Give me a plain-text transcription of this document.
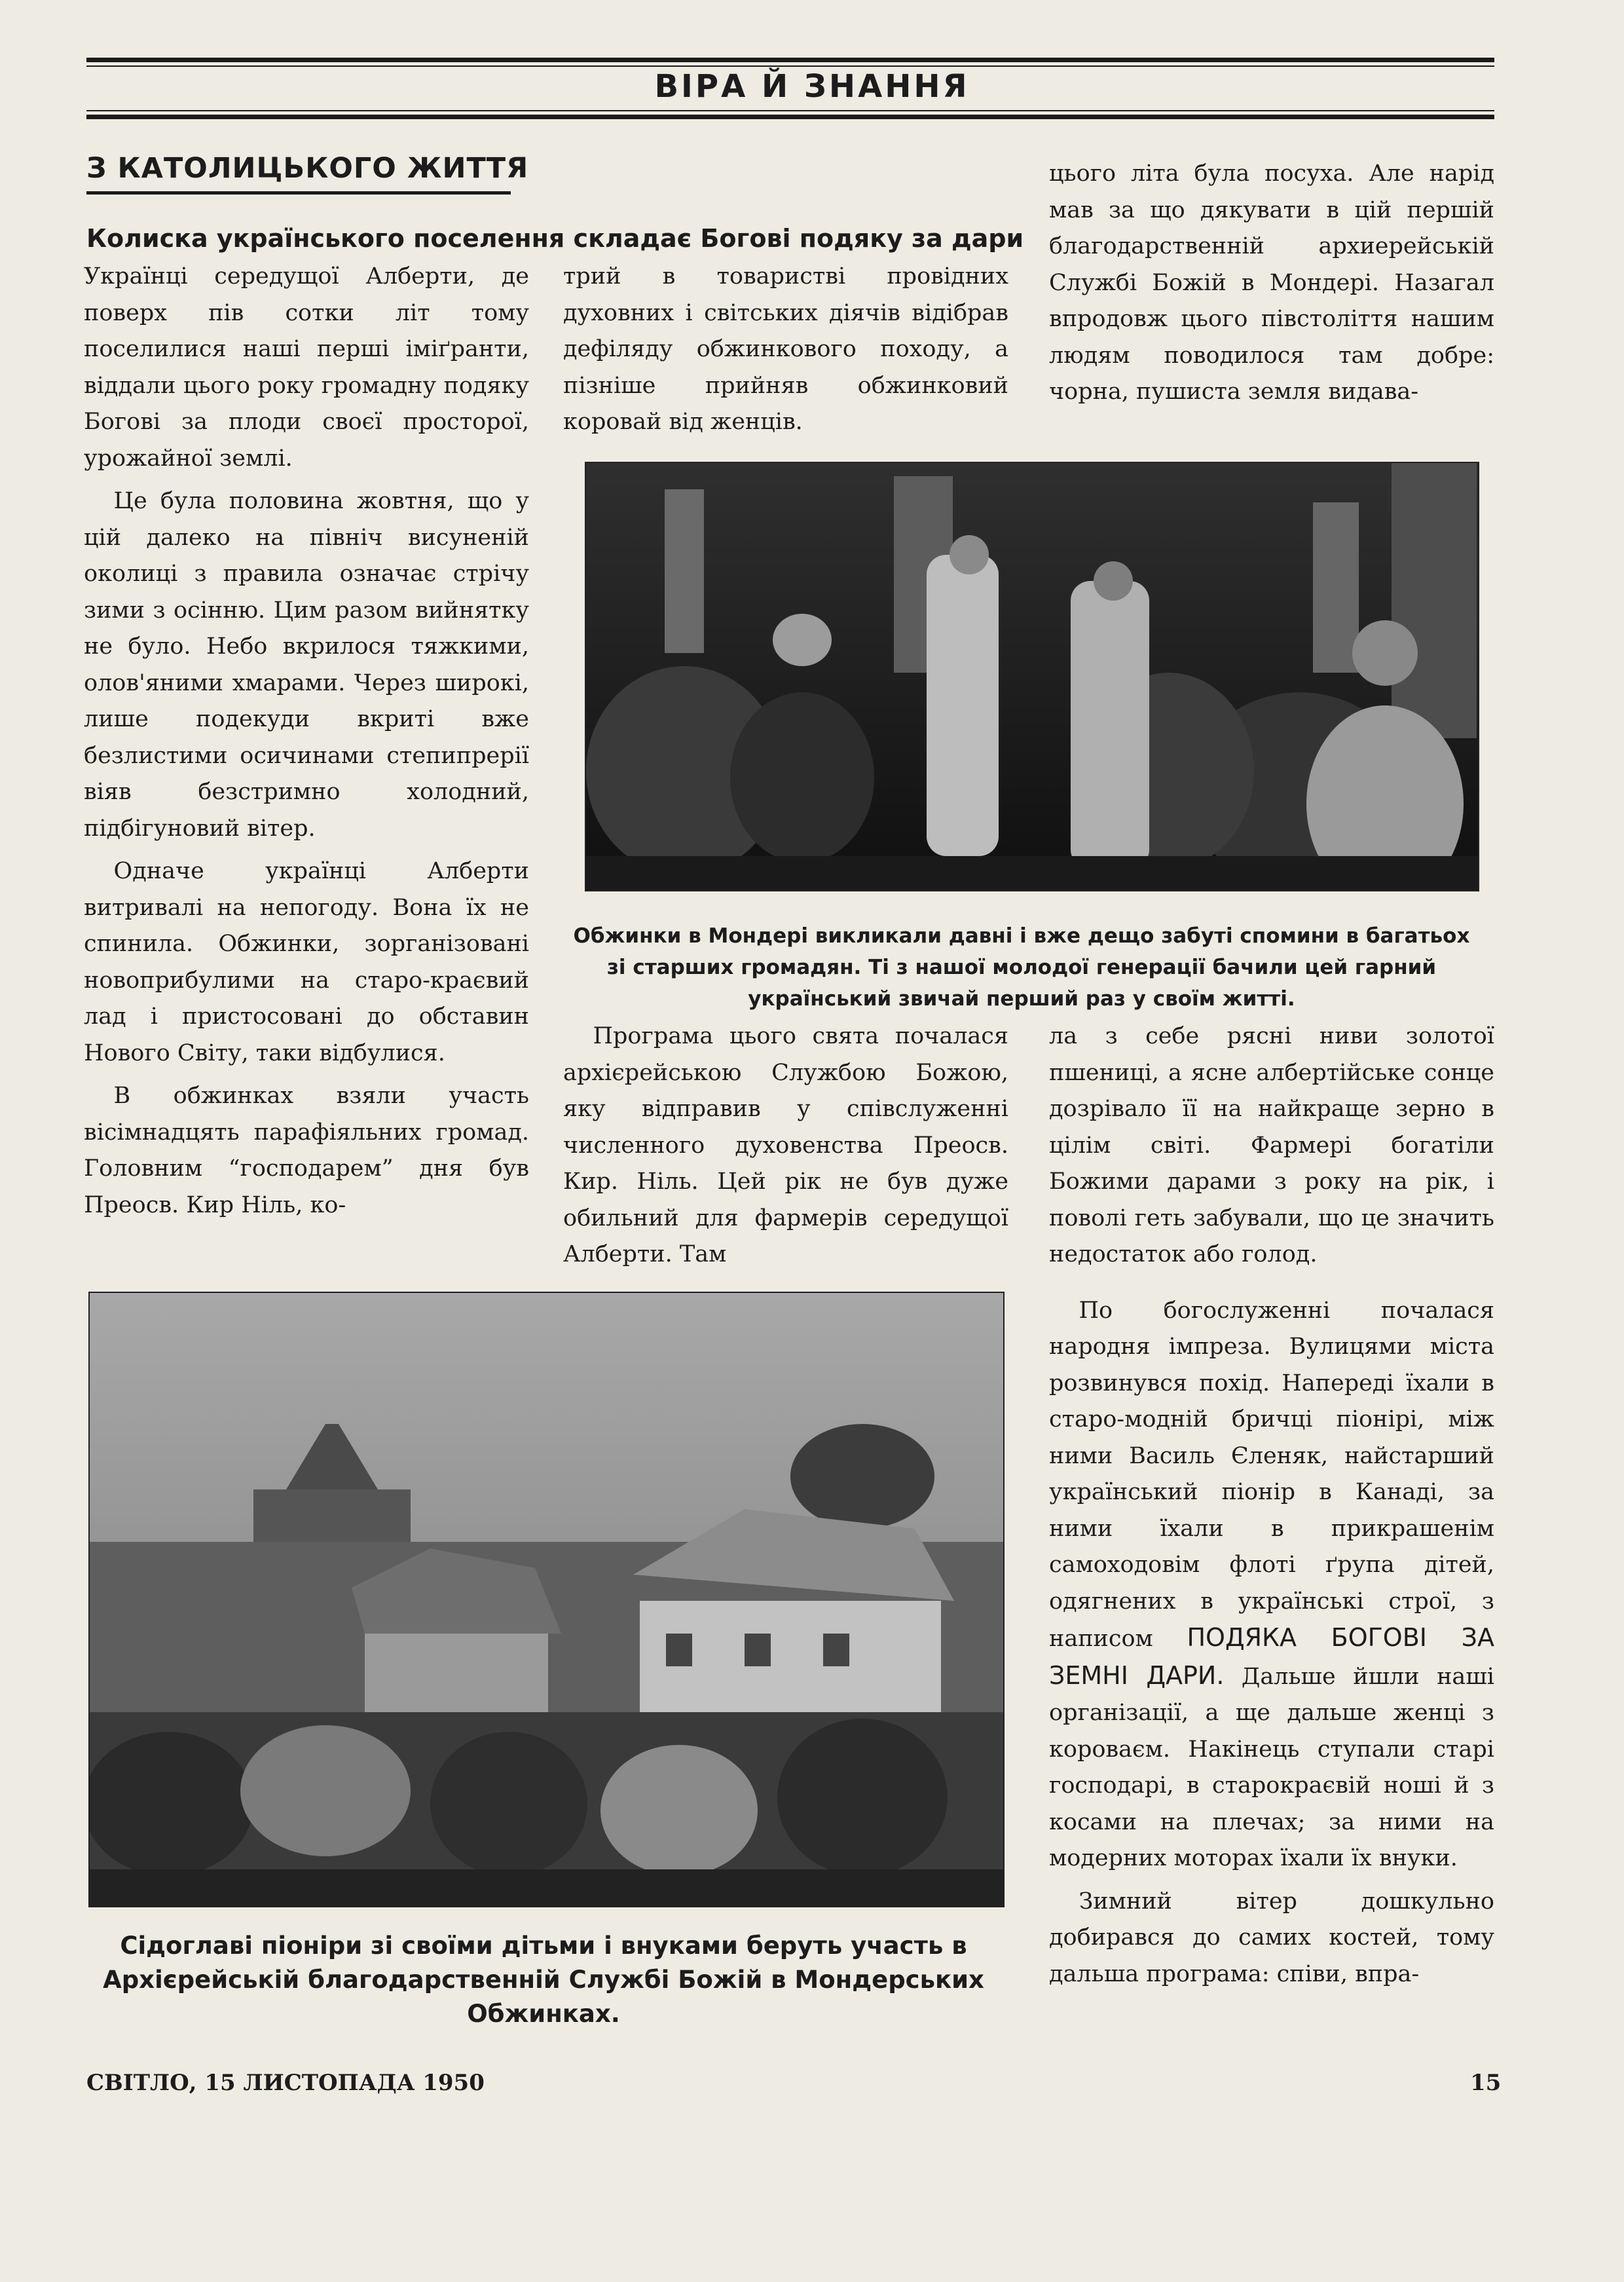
ВІРА Й ЗНАННЯ
З КАТОЛИЦЬКОГО ЖИТТЯ
Колиска українського поселення складає Богові подяку за дари

Українці середущої Алберти, де поверх пів сотки літ тому поселилися наші перші іміґранти, віддали цього року громадну подяку Богові за плоди своєї просторої, урожайної землі.

Це була половина жовтня, що у цій далеко на північ висуненій околиці з правила означає стрічу зими з осінню. Цим разом вийнятку не було. Небо вкрилося тяжкими, олов'яними хмарами. Через широкі, лише подекуди вкриті вже безлистими осичинами степипрерії віяв безстримно холодний, підбігуновий вітер.

Одначе українці Алберти витривалі на непогоду. Вона їх не спинила. Обжинки, зорганізовані новоприбулими на старо-краєвий лад і пристосовані до обставин Нового Світу, таки відбулися.

В обжинках взяли участь вісімнадцять парафіяльних громад. Головним “господарем” дня був Преосв. Кир Ніль, ко-

трий в товаристві провідних духовних і світських діячів відібрав дефіляду обжинкового походу, а пізніше прийняв обжинковий коровай від женців.

цього літа була посуха. Але нарід мав за що дякувати в цій першій благодарственній архиерейській Службі Божій в Мондері. Назагал впродовж цього півстоліття нашим людям поводилося там добре: чорна, пушиста земля видава-

Обжинки в Мондері викликали давні і вже дещо забуті спомини в багатьох зі старших громадян. Ті з нашої молодої генерації бачили цей гарний український звичай перший раз у своїм житті.

Програма цього свята почалася архієрейською Службою Божою, яку відправив у співслуженні численного духовенства Преосв. Кир. Ніль. Цей рік не був дуже обильний для фармерів середущої Алберти. Там

ла з себе рясні ниви золотої пшениці, а ясне албертійське сонце дозрівало її на найкраще зерно в цілім світі. Фармері богатіли Божими дарами з року на рік, і поволі геть забували, що це значить недостаток або голод.

По богослуженні почалася народня імпреза. Вулицями міста розвинувся похід. Напереді їхали в старо-модній бричці піонірі, між ними Василь Єленяк, найстарший український піонір в Канаді, за ними їхали в прикрашенім самоходовім флоті ґрупа дітей, одягнених в українські строї, з написом ПОДЯКА БОГОВІ ЗА ЗЕМНІ ДАРИ. Дальше йшли наші організації, а ще дальше женці з короваєм. Накінець ступали старі господарі, в старокраєвій ноші й з косами на плечах; за ними на модерних моторах їхали їх внуки.

Зимний вітер дошкульно добирався до самих костей, тому дальша програма: співи, впра-

Сідоглаві піоніри зі своїми дітьми і внуками беруть участь в Архієрейській благодарственній Службі Божій в Мондерських Обжинках.
СВІТЛО, 15 ЛИСТОПАДА 1950	15
